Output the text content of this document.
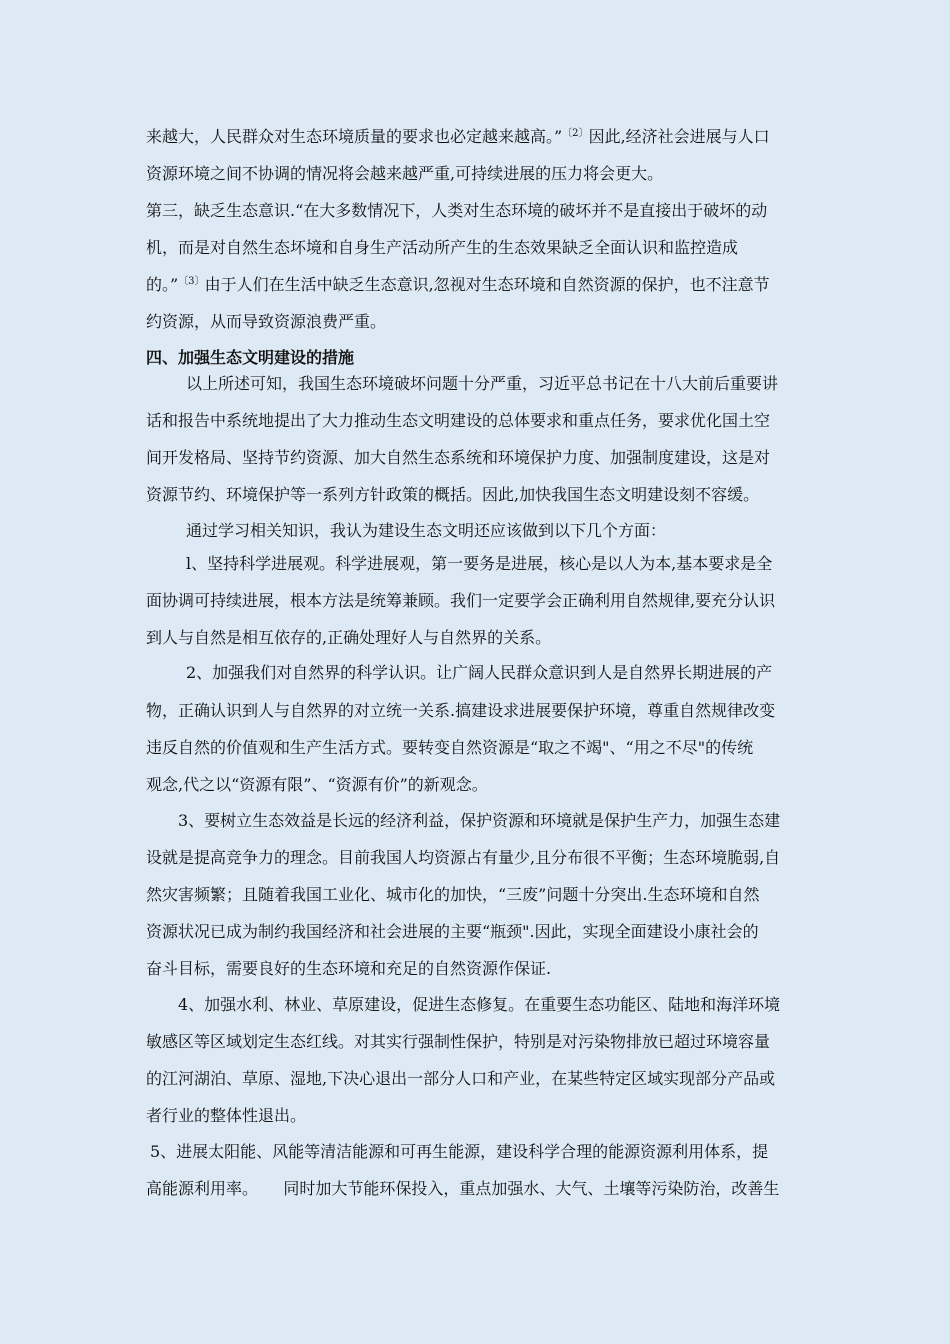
来越大，人民群众对生态环境质量的要求也必定越来越高。”$^{〔2〕}$因此,经济社会进展与人口
资源环境之间不协调的情况将会越来越严重,可持续进展的压力将会更大。
第三，缺乏生态意识.“在大多数情况下，人类对生态环境的破坏并不是直接出于破坏的动
机，而是对自然生态坏境和自身生产活动所产生的生态效果缺乏全面认识和监控造成
的。”$^{〔3〕}$由于人们在生活中缺乏生态意识,忽视对生态环境和自然资源的保护，也不注意节
约资源，从而导致资源浪费严重。
四、加强生态文明建设的措施
以上所述可知，我国生态环境破坏问题十分严重，习近平总书记在十八大前后重要讲
话和报告中系统地提出了大力推动生态文明建设的总体要求和重点任务，要求优化国土空
间开发格局、坚持节约资源、加大自然生态系统和环境保护力度、加强制度建设，这是对
资源节约、环境保护等一系列方针政策的概括。因此,加快我国生态文明建设刻不容缓。
通过学习相关知识，我认为建设生态文明还应该做到以下几个方面：
l、坚持科学进展观。科学进展观，第一要务是进展，核心是以人为本,基本要求是全
面协调可持续进展，根本方法是统筹兼顾。我们一定要学会正确利用自然规律,要充分认识
到人与自然是相互依存的,正确处理好人与自然界的关系。
2、加强我们对自然界的科学认识。让广阔人民群众意识到人是自然界长期进展的产
物，正确认识到人与自然界的对立统一关系.搞建设求进展要保护环境，尊重自然规律改变
违反自然的价值观和生产生活方式。要转变自然资源是“取之不竭"、“用之不尽"的传统
观念,代之以“资源有限”、“资源有价”的新观念。
3、要树立生态效益是长远的经济利益，保护资源和环境就是保护生产力，加强生态建
设就是提高竞争力的理念。目前我国人均资源占有量少,且分布很不平衡；生态环境脆弱,自
然灾害频繁；且随着我国工业化、城市化的加快，“三废”问题十分突出.生态环境和自然
资源状况已成为制约我国经济和社会进展的主要“瓶颈".因此，实现全面建设小康社会的
奋斗目标，需要良好的生态环境和充足的自然资源作保证.
4、加强水利、林业、草原建设，促进生态修复。在重要生态功能区、陆地和海洋环境
敏感区等区域划定生态红线。对其实行强制性保护，特别是对污染物排放已超过环境容量
的江河湖泊、草原、湿地,下决心退出一部分人口和产业，在某些特定区域实现部分产品或
者行业的整体性退出。
5、进展太阳能、风能等清洁能源和可再生能源，建设科学合理的能源资源利用体系，提
高能源利用率。     同时加大节能环保投入，重点加强水、大气、土壤等污染防治，改善生
